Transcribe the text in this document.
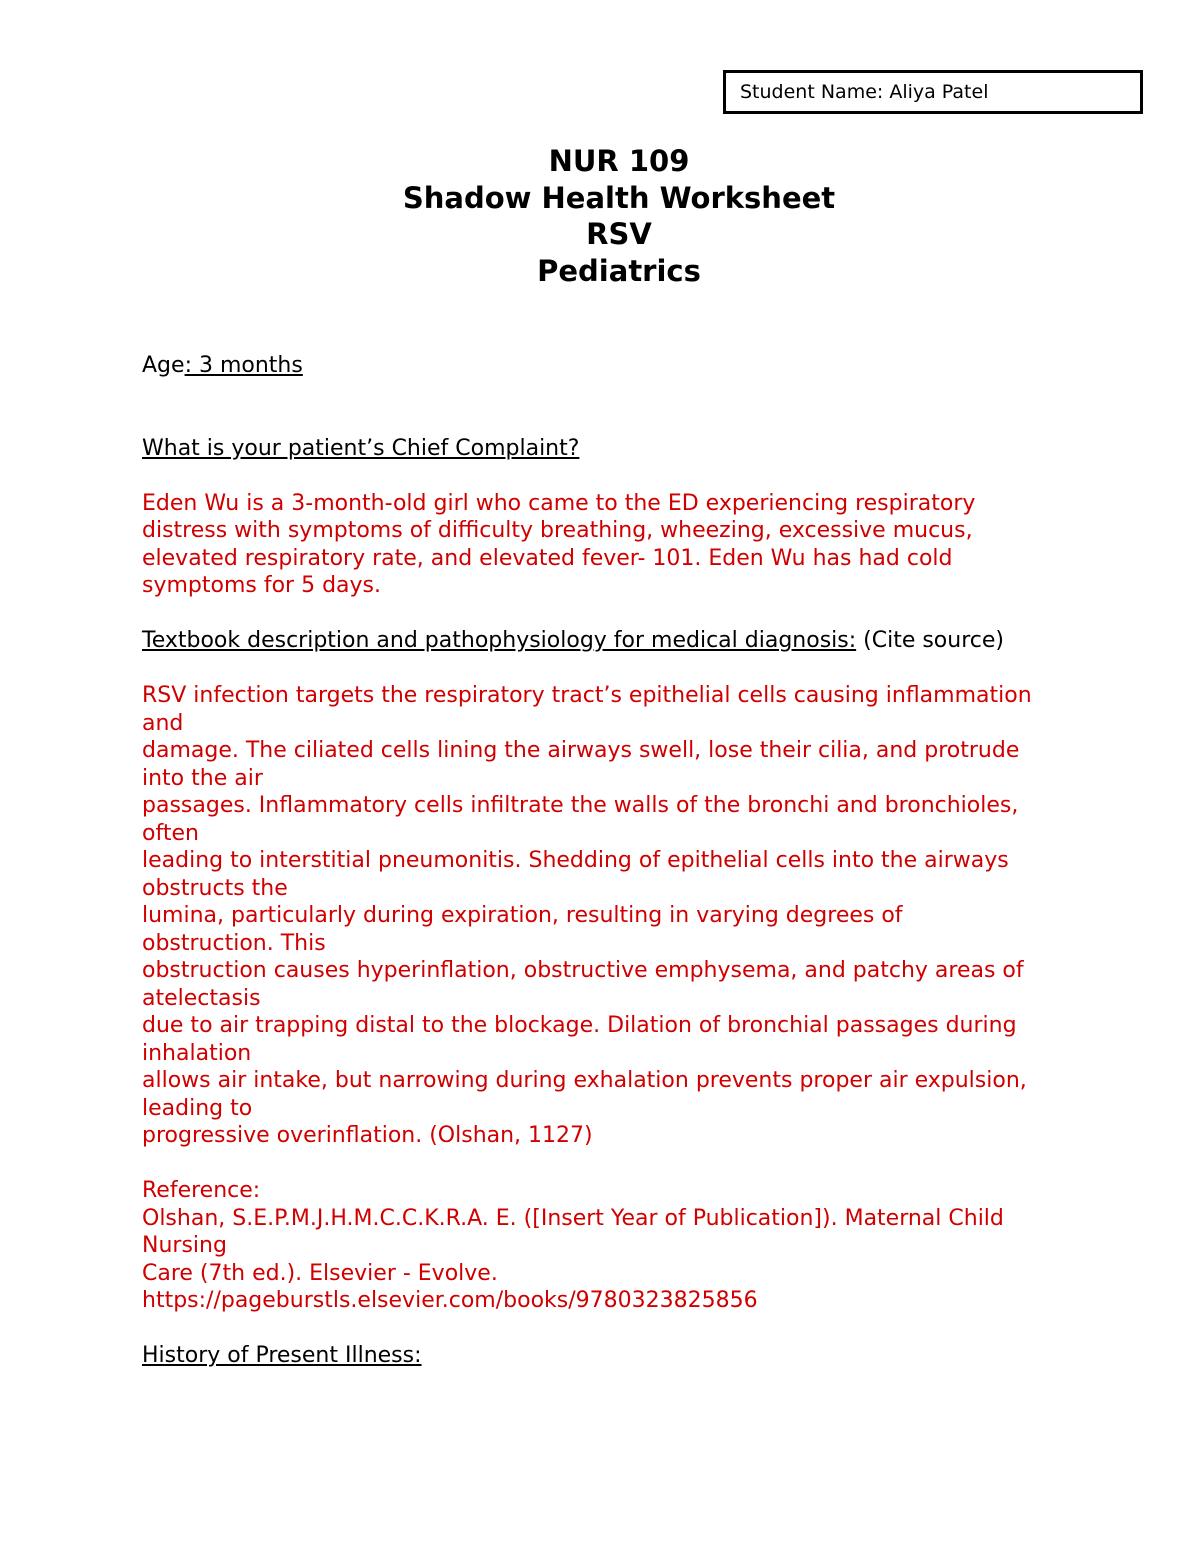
Student Name: Aliya Patel
NUR 109
Shadow Health Worksheet
RSV
Pediatrics

Age: 3 months

What is your patient’s Chief Complaint?

Eden Wu is a 3-month-old girl who came to the ED experiencing respiratory
distress with symptoms of difficulty breathing, wheezing, excessive mucus,
elevated respiratory rate, and elevated fever- 101. Eden Wu has had cold
symptoms for 5 days.

Textbook description and pathophysiology for medical diagnosis: (Cite source)

RSV infection targets the respiratory tract’s epithelial cells causing inflammation
and
damage. The ciliated cells lining the airways swell, lose their cilia, and protrude
into the air
passages. Inflammatory cells infiltrate the walls of the bronchi and bronchioles,
often
leading to interstitial pneumonitis. Shedding of epithelial cells into the airways
obstructs the
lumina, particularly during expiration, resulting in varying degrees of
obstruction. This
obstruction causes hyperinflation, obstructive emphysema, and patchy areas of
atelectasis
due to air trapping distal to the blockage. Dilation of bronchial passages during
inhalation
allows air intake, but narrowing during exhalation prevents proper air expulsion,
leading to
progressive overinflation. (Olshan, 1127)
Reference:
Olshan, S.E.P.M.J.H.M.C.C.K.R.A. E. ([Insert Year of Publication]). Maternal Child
Nursing
Care (7th ed.). Elsevier - Evolve.
https://pageburstls.elsevier.com/books/9780323825856

History of Present Illness:
